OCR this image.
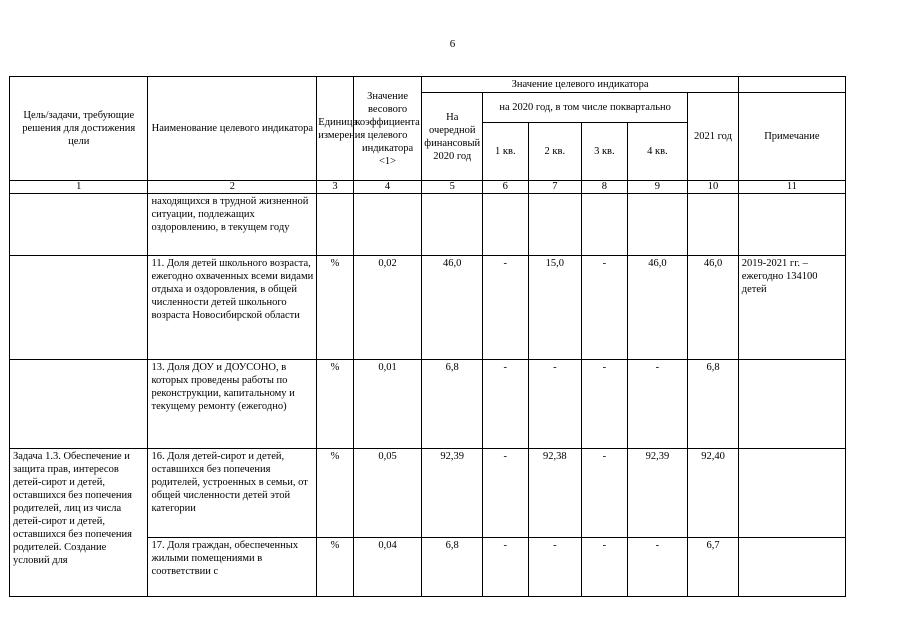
6
Цель/задачи, требующие решения для достижения цели	Наименование целевого индикатора	Единица измерения	Значение весового коэффициента целевого индикатора <1>	Значение целевого индикатора						
				На очередной финансовый 2020 год	на 2020 год, в том числе поквартально				2021 год	Примечание
					1 кв.	2 кв.	3 кв.	4 кв.		
1	2	3	4	5	6	7	8	9	10	11
	находящихся в трудной жизненной ситуации, подлежащих оздоровлению, в текущем году									
	11. Доля детей школьного возраста, ежегодно охваченных всеми видами отдыха и оздоровления, в общей численности детей школьного возраста Новосибирской области	%	0,02	46,0	-	15,0	-	46,0	46,0	2019-2021 гг. – ежегодно 134100 детей
	13. Доля ДОУ и ДОУСОНО, в которых проведены работы по реконструкции, капитальному и текущему ремонту (ежегодно)	%	0,01	6,8	-	-	-	-	6,8	
Задача 1.3. Обеспечение и защита прав, интересов детей-сирот и детей, оставшихся без попечения родителей, лиц из числа детей-сирот и детей, оставшихся без попечения родителей. Создание условий для	16. Доля детей-сирот и детей, оставшихся без попечения родителей, устроенных в семьи, от общей численности детей этой категории	%	0,05	92,39	-	92,38	-	92,39	92,40	
	17. Доля граждан, обеспеченных жилыми помещениями в соответствии с	%	0,04	6,8	-	-	-	-	6,7	
